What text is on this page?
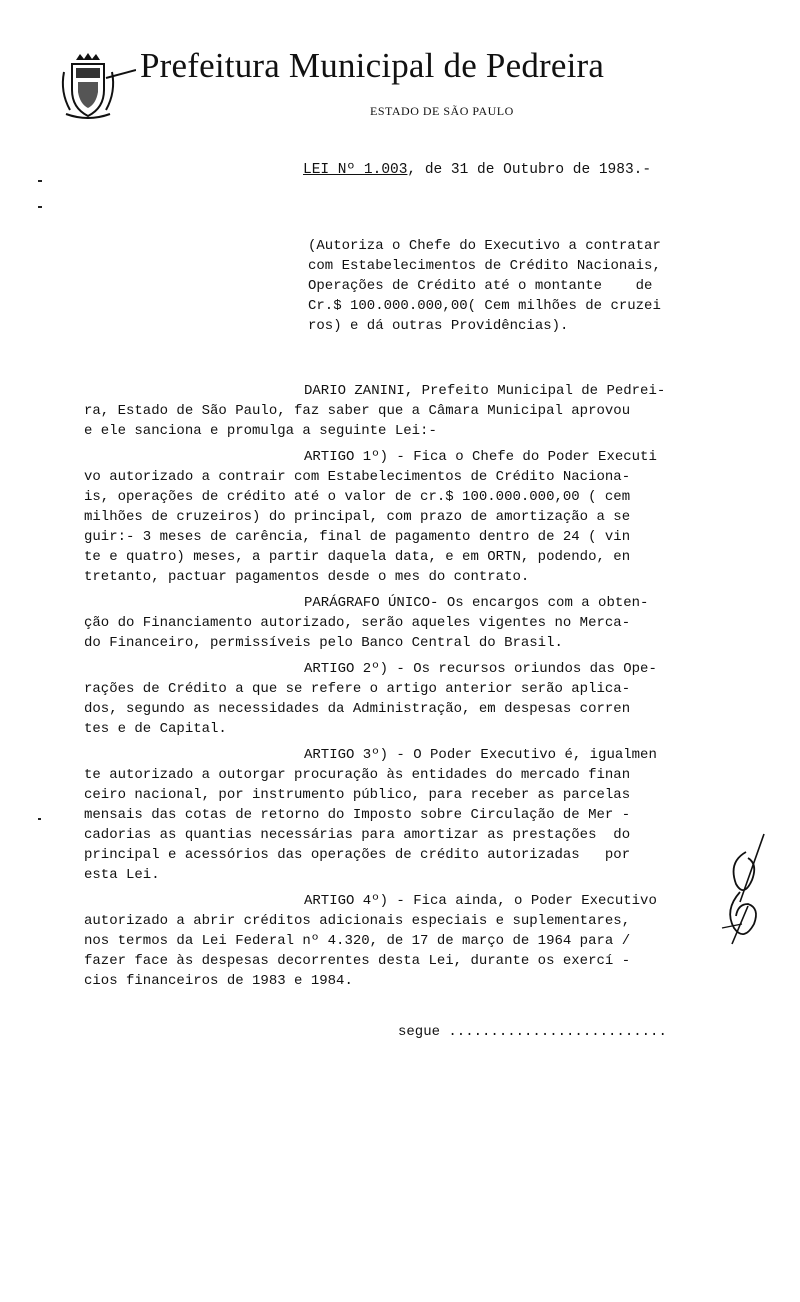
Prefeitura Municipal de Pedreira
ESTADO DE SÃO PAULO
LEI Nº 1.003, de 31 de Outubro de 1983.-
(Autoriza o Chefe do Executivo a contratar
com Estabelecimentos de Crédito Nacionais,
Operações de Crédito até o montante    de
Cr.$ 100.000.000,00( Cem milhões de cruzei
ros) e dá outras Providências).
DARIO ZANINI, Prefeito Municipal de Pedrei-
ra, Estado de São Paulo, faz saber que a Câmara Municipal aprovou
e ele sanciona e promulga a seguinte Lei:-
ARTIGO 1º) - Fica o Chefe do Poder Executi
vo autorizado a contrair com Estabelecimentos de Crédito Naciona-
is, operações de crédito até o valor de cr.$ 100.000.000,00 ( cem
milhões de cruzeiros) do principal, com prazo de amortização a se
guir:- 3 meses de carência, final de pagamento dentro de 24 ( vin
te e quatro) meses, a partir daquela data, e em ORTN, podendo, en
tretanto, pactuar pagamentos desde o mes do contrato.
PARÁGRAFO ÚNICO- Os encargos com a obten-
ção do Financiamento autorizado, serão aqueles vigentes no Merca-
do Financeiro, permissíveis pelo Banco Central do Brasil.
ARTIGO 2º) - Os recursos oriundos das Ope-
rações de Crédito a que se refere o artigo anterior serão aplica-
dos, segundo as necessidades da Administração, em despesas corren
tes e de Capital.
ARTIGO 3º) - O Poder Executivo é, igualmen
te autorizado a outorgar procuração às entidades do mercado finan
ceiro nacional, por instrumento público, para receber as parcelas
mensais das cotas de retorno do Imposto sobre Circulação de Mer -
cadorias as quantias necessárias para amortizar as prestações  do
principal e acessórios das operações de crédito autorizadas   por
esta Lei.
ARTIGO 4º) - Fica ainda, o Poder Executivo
autorizado a abrir créditos adicionais especiais e suplementares,
nos termos da Lei Federal nº 4.320, de 17 de março de 1964 para /
fazer face às despesas decorrentes desta Lei, durante os exercí -
cios financeiros de 1983 e 1984.
segue ..........................
